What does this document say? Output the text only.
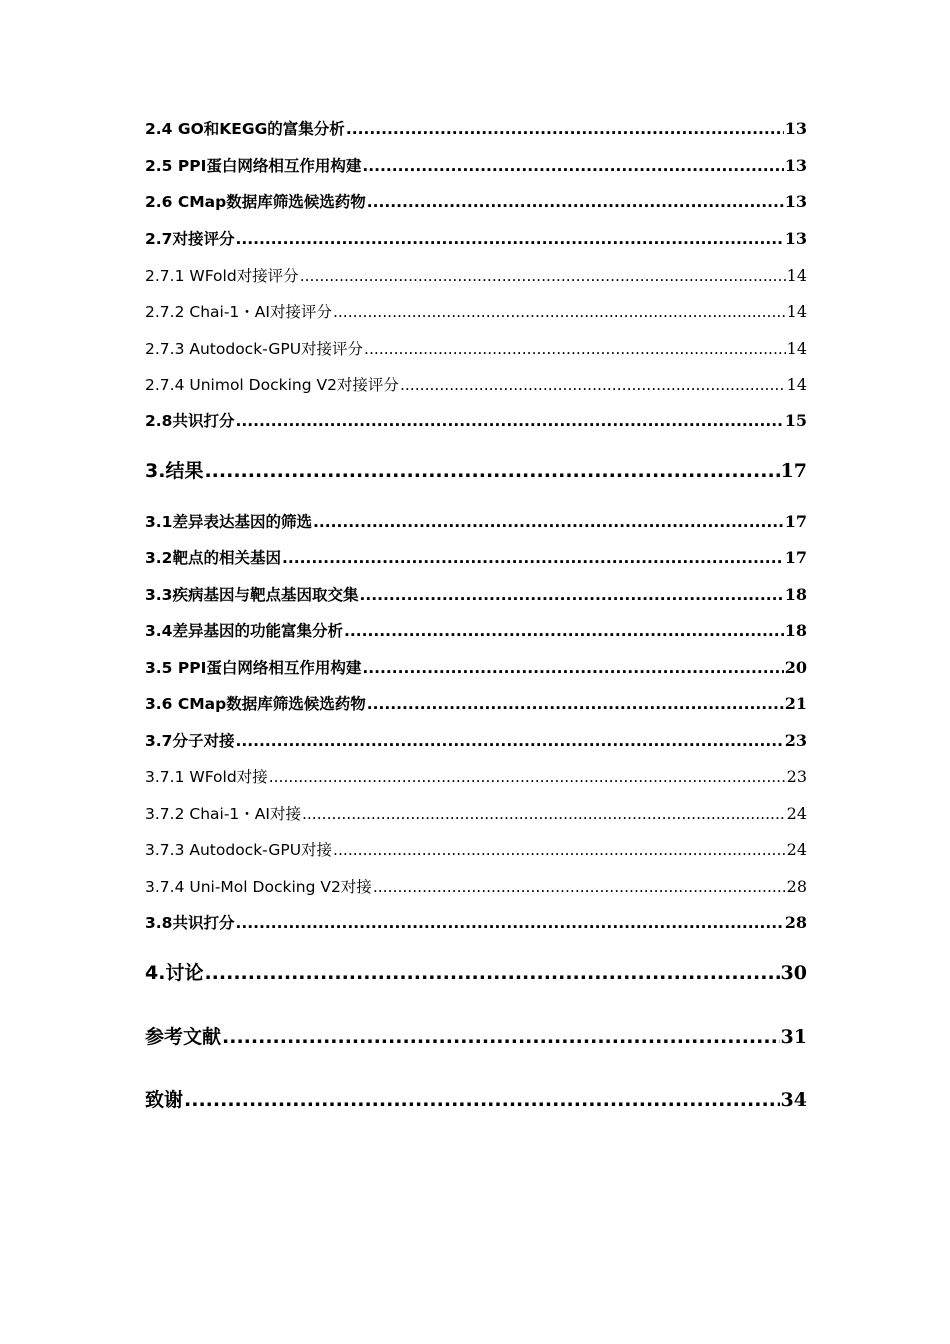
2.4 GO和KEGG的富集分析 .....	13
2.5 PPI蛋白网络相互作用构建 .....	13
2.6 CMap数据库筛选候选药物 .....	13
2.7对接评分 .....	13
2.7.1 WFold对接评分 .....	14
2.7.2 Chai-1・AI对接评分 .....	14
2.7.3 Autodock-GPU对接评分 .....	14
2.7.4 Unimol Docking V2对接评分 .....	14
2.8共识打分 .....	15
3.结果 .....	17
3.1差异表达基因的筛选 .....	17
3.2靶点的相关基因 .....	17
3.3疾病基因与靶点基因取交集 .....	18
3.4差异基因的功能富集分析 .....	18
3.5 PPI蛋白网络相互作用构建 .....	20
3.6 CMap数据库筛选候选药物 .....	21
3.7分子对接 .....	23
3.7.1 WFold对接 .....	23
3.7.2 Chai-1・AI对接 .....	24
3.7.3 Autodock-GPU对接 .....	24
3.7.4 Uni-Mol Docking V2对接 .....	28
3.8共识打分 .....	28
4.讨论 .....	30
参考文献 .....	31
致谢 .....	34
